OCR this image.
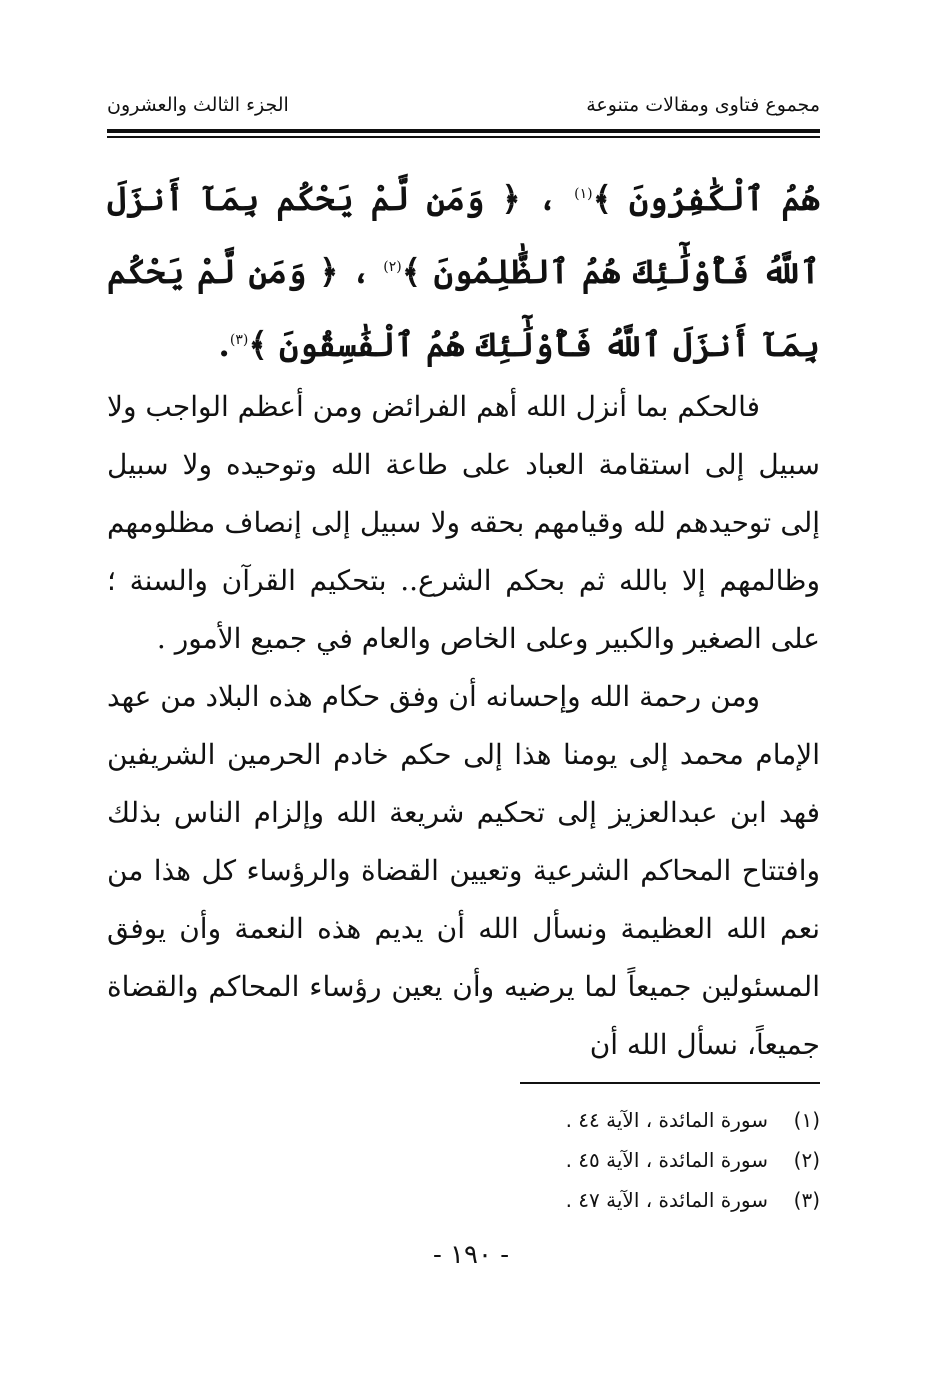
مجموع فتاوى ومقالات متنوعة
الجزء الثالث والعشرون
هُمُ ٱلْكَٰفِرُونَ ﴾$^{(١)}$ ، ﴿ وَمَن لَّمْ يَحْكُم بِمَآ أَنزَلَ ٱللَّهُ فَأُوْلَٰٓئِكَ هُمُ ٱلظَّٰلِمُونَ ﴾$^{(٢)}$ ، ﴿ وَمَن لَّمْ يَحْكُم بِمَآ أَنزَلَ ٱللَّهُ فَأُوْلَٰٓئِكَ هُمُ ٱلْفَٰسِقُونَ ﴾$^{(٣)}$.

فالحكم بما أنزل الله أهم الفرائض ومن أعظم الواجب ولا سبيل إلى استقامة العباد على طاعة الله وتوحيده ولا سبيل إلى توحيدهم لله وقيامهم بحقه ولا سبيل إلى إنصاف مظلومهم وظالمهم إلا بالله ثم بحكم الشرع.. بتحكيم القرآن والسنة ؛ على الصغير والكبير وعلى الخاص والعام في جميع الأمور .

ومن رحمة الله وإحسانه أن وفق حكام هذه البلاد من عهد الإمام محمد إلى يومنا هذا إلى حكم خادم الحرمين الشريفين فهد ابن عبدالعزيز إلى تحكيم شريعة الله وإلزام الناس بذلك وافتتاح المحاكم الشرعية وتعيين القضاة والرؤساء كل هذا من نعم الله العظيمة ونسأل الله أن يديم هذه النعمة وأن يوفق المسئولين جميعاً لما يرضيه وأن يعين رؤساء المحاكم والقضاة جميعاً، نسأل الله أن

(١)سورة المائدة ، الآية ٤٤ .
(٢)سورة المائدة ، الآية ٤٥ .
(٣)سورة المائدة ، الآية ٤٧ .
- ١٩٠ -
